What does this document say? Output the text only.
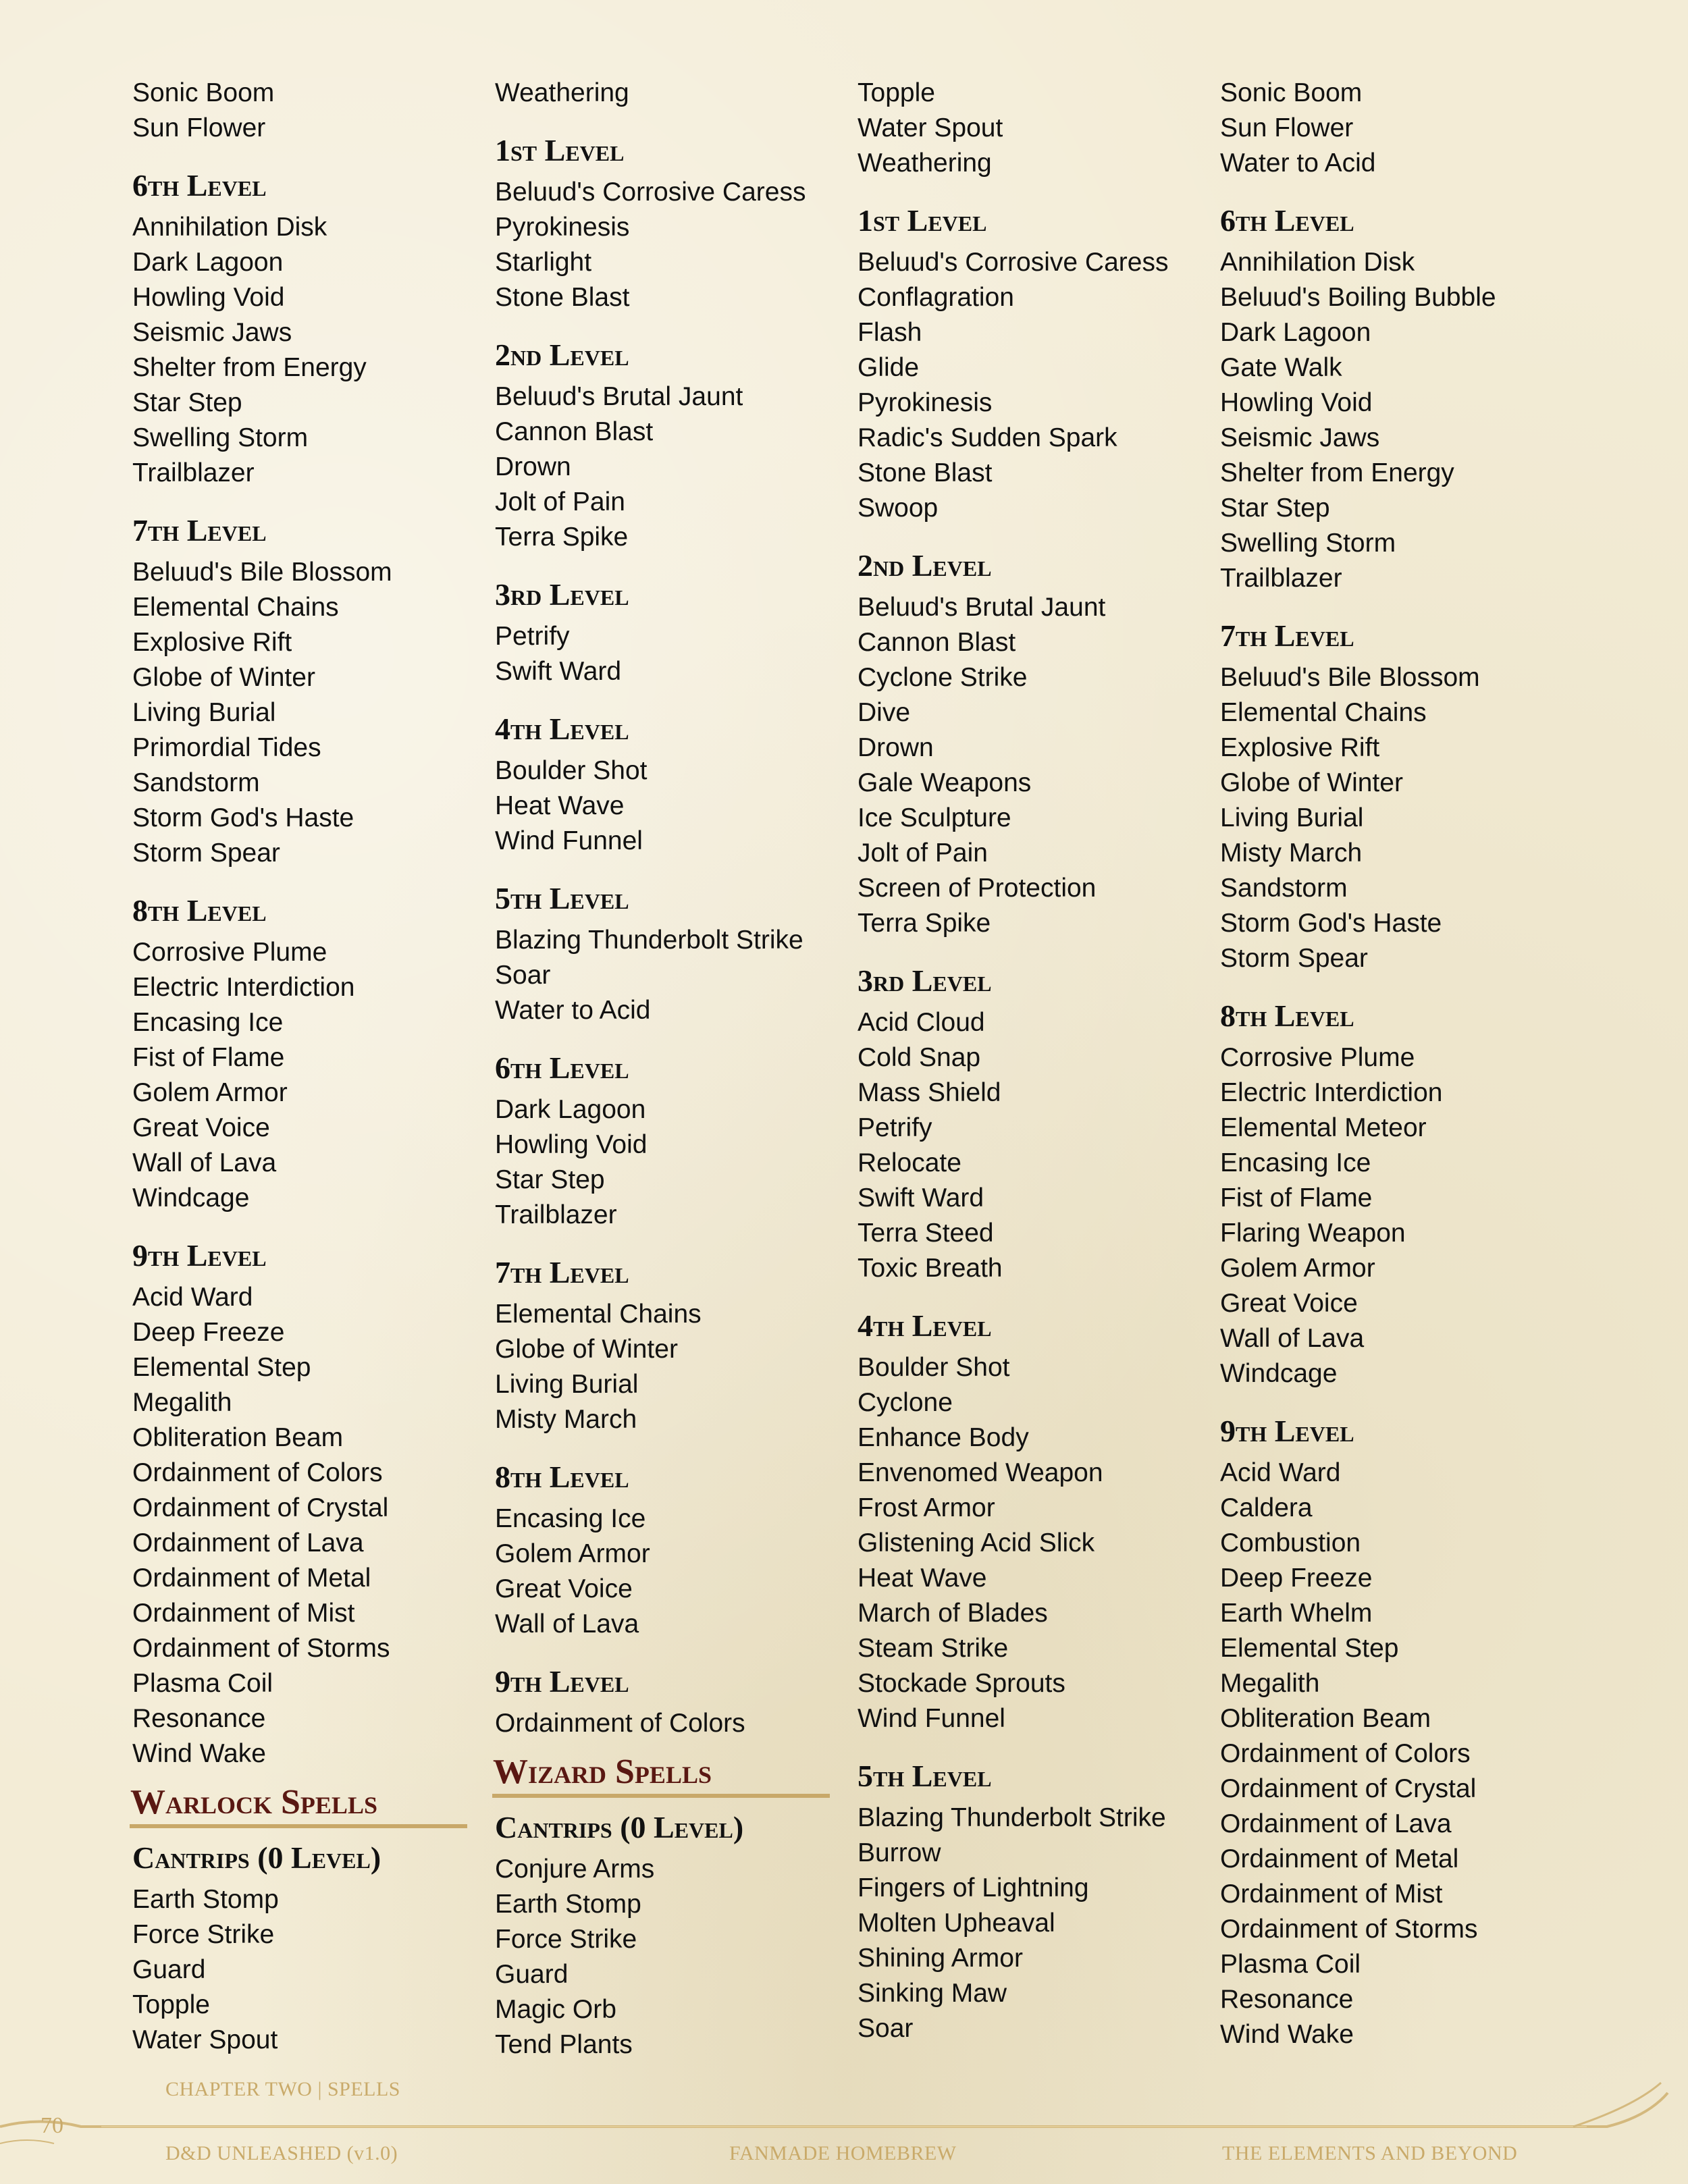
Sonic Boom
Sun Flower
6th Level
Annihilation Disk
Dark Lagoon
Howling Void
Seismic Jaws
Shelter from Energy
Star Step
Swelling Storm
Trailblazer
7th Level
Beluud's Bile Blossom
Elemental Chains
Explosive Rift
Globe of Winter
Living Burial
Primordial Tides
Sandstorm
Storm God's Haste
Storm Spear
8th Level
Corrosive Plume
Electric Interdiction
Encasing Ice
Fist of Flame
Golem Armor
Great Voice
Wall of Lava
Windcage
9th Level
Acid Ward
Deep Freeze
Elemental Step
Megalith
Obliteration Beam
Ordainment of Colors
Ordainment of Crystal
Ordainment of Lava
Ordainment of Metal
Ordainment of Mist
Ordainment of Storms
Plasma Coil
Resonance
Wind Wake
Warlock Spells
Cantrips (0 Level)
Earth Stomp
Force Strike
Guard
Topple
Water Spout
Weathering
1st Level
Beluud's Corrosive Caress
Pyrokinesis
Starlight
Stone Blast
2nd Level
Beluud's Brutal Jaunt
Cannon Blast
Drown
Jolt of Pain
Terra Spike
3rd Level
Petrify
Swift Ward
4th Level
Boulder Shot
Heat Wave
Wind Funnel
5th Level
Blazing Thunderbolt Strike
Soar
Water to Acid
6th Level
Dark Lagoon
Howling Void
Star Step
Trailblazer
7th Level
Elemental Chains
Globe of Winter
Living Burial
Misty March
8th Level
Encasing Ice
Golem Armor
Great Voice
Wall of Lava
9th Level
Ordainment of Colors
Wizard Spells
Cantrips (0 Level)
Conjure Arms
Earth Stomp
Force Strike
Guard
Magic Orb
Tend Plants
Topple
Water Spout
Weathering
1st Level
Beluud's Corrosive Caress
Conflagration
Flash
Glide
Pyrokinesis
Radic's Sudden Spark
Stone Blast
Swoop
2nd Level
Beluud's Brutal Jaunt
Cannon Blast
Cyclone Strike
Dive
Drown
Gale Weapons
Ice Sculpture
Jolt of Pain
Screen of Protection
Terra Spike
3rd Level
Acid Cloud
Cold Snap
Mass Shield
Petrify
Relocate
Swift Ward
Terra Steed
Toxic Breath
4th Level
Boulder Shot
Cyclone
Enhance Body
Envenomed Weapon
Frost Armor
Glistening Acid Slick
Heat Wave
March of Blades
Steam Strike
Stockade Sprouts
Wind Funnel
5th Level
Blazing Thunderbolt Strike
Burrow
Fingers of Lightning
Molten Upheaval
Shining Armor
Sinking Maw
Soar
Sonic Boom
Sun Flower
Water to Acid
6th Level
Annihilation Disk
Beluud's Boiling Bubble
Dark Lagoon
Gate Walk
Howling Void
Seismic Jaws
Shelter from Energy
Star Step
Swelling Storm
Trailblazer
7th Level
Beluud's Bile Blossom
Elemental Chains
Explosive Rift
Globe of Winter
Living Burial
Misty March
Sandstorm
Storm God's Haste
Storm Spear
8th Level
Corrosive Plume
Electric Interdiction
Elemental Meteor
Encasing Ice
Fist of Flame
Flaring Weapon
Golem Armor
Great Voice
Wall of Lava
Windcage
9th Level
Acid Ward
Caldera
Combustion
Deep Freeze
Earth Whelm
Elemental Step
Megalith
Obliteration Beam
Ordainment of Colors
Ordainment of Crystal
Ordainment of Lava
Ordainment of Metal
Ordainment of Mist
Ordainment of Storms
Plasma Coil
Resonance
Wind Wake
CHAPTER TWO | SPELLS
70
D&D UNLEASHED (v1.0)	FANMADE HOMEBREW	THE ELEMENTS AND BEYOND
